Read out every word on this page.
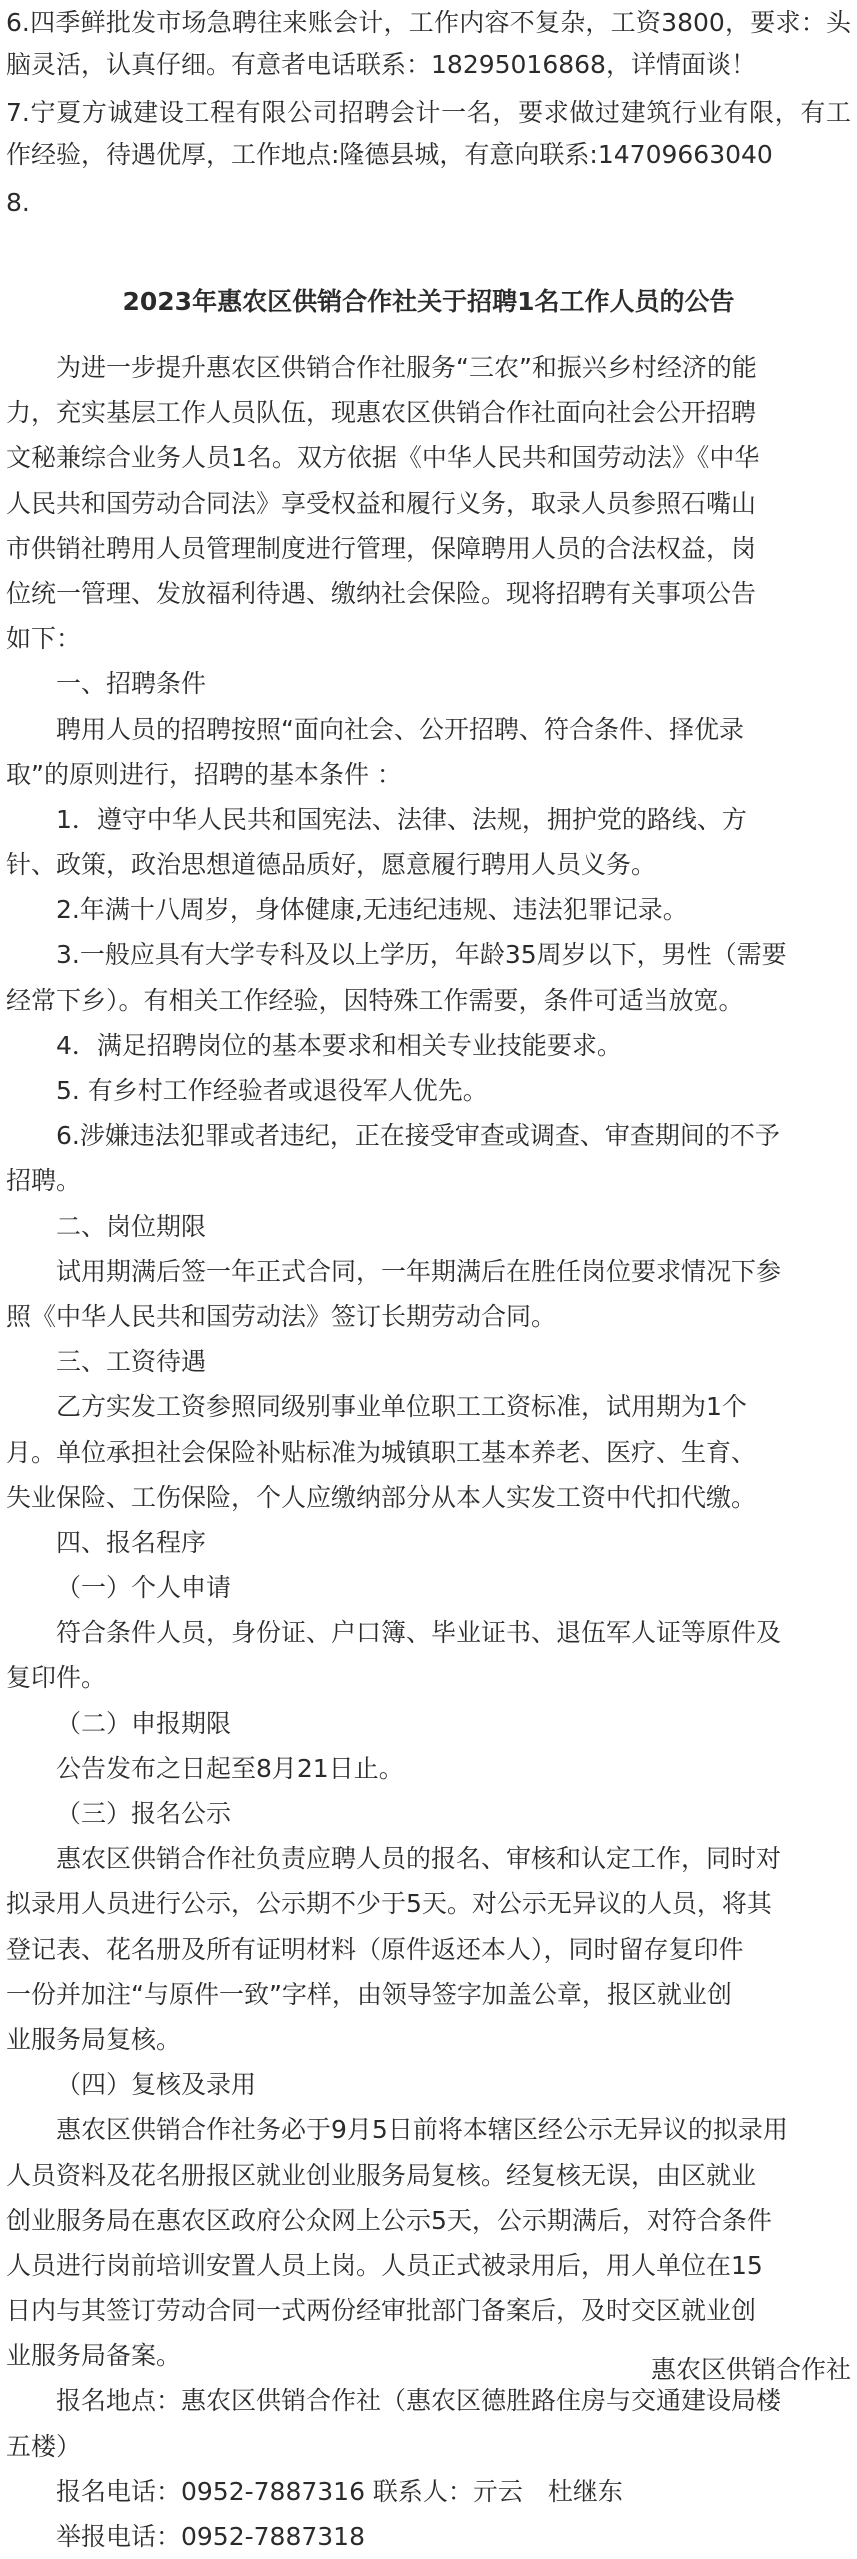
6.四季鲜批发市场急聘往来账会计，工作内容不复杂，工资3800，要求：头脑灵活，认真仔细。有意者电话联系：18295016868，详情面谈！

7.宁夏方诚建设工程有限公司招聘会计一名，要求做过建筑行业有限，有工作经验，待遇优厚，工作地点:隆德县城，有意向联系:14709663040

8.

2023年惠农区供销合作社关于招聘1名工作人员的公告
为进一步提升惠农区供销合作社服务“三农”和振兴乡村经济的能
力，充实基层工作人员队伍，现惠农区供销合作社面向社会公开招聘
文秘兼综合业务人员1名。双方依据《中华人民共和国劳动法》《中华
人民共和国劳动合同法》享受权益和履行义务，取录人员参照石嘴山
市供销社聘用人员管理制度进行管理，保障聘用人员的合法权益，岗
位统一管理、发放福利待遇、缴纳社会保险。现将招聘有关事项公告
如下：
一、招聘条件
聘用人员的招聘按照“面向社会、公开招聘、符合条件、择优录
取”的原则进行，招聘的基本条件 ：
1．遵守中华人民共和国宪法、法律、法规，拥护党的路线、方
针、政策，政治思想道德品质好，愿意履行聘用人员义务。
2.年满十八周岁，身体健康,无违纪违规、违法犯罪记录。
3.一般应具有大学专科及以上学历，年龄35周岁以下，男性（需要
经常下乡）。有相关工作经验，因特殊工作需要，条件可适当放宽。
4．满足招聘岗位的基本要求和相关专业技能要求。
5. 有乡村工作经验者或退役军人优先。
6.涉嫌违法犯罪或者违纪，正在接受审查或调查、审查期间的不予
招聘。
二、岗位期限
试用期满后签一年正式合同，一年期满后在胜任岗位要求情况下参
照《中华人民共和国劳动法》签订长期劳动合同。
三、工资待遇
乙方实发工资参照同级别事业单位职工工资标准，试用期为1个
月。单位承担社会保险补贴标准为城镇职工基本养老、医疗、生育、
失业保险、工伤保险，个人应缴纳部分从本人实发工资中代扣代缴。
四、报名程序
（一）个人申请
符合条件人员，身份证、户口簿、毕业证书、退伍军人证等原件及
复印件。
（二）申报期限
公告发布之日起至8月21日止。
（三）报名公示
惠农区供销合作社负责应聘人员的报名、审核和认定工作，同时对
拟录用人员进行公示，公示期不少于5天。对公示无异议的人员，将其
登记表、花名册及所有证明材料（原件返还本人），同时留存复印件
一份并加注“与原件一致”字样，由领导签字加盖公章，报区就业创
业服务局复核。
（四）复核及录用
惠农区供销合作社务必于9月5日前将本辖区经公示无异议的拟录用
人员资料及花名册报区就业创业服务局复核。经复核无误，由区就业
创业服务局在惠农区政府公众网上公示5天，公示期满后，对符合条件
人员进行岗前培训安置人员上岗。人员正式被录用后，用人单位在15
日内与其签订劳动合同一式两份经审批部门备案后，及时交区就业创
业服务局备案。
报名地点：惠农区供销合作社（惠农区德胜路住房与交通建设局楼
五楼）
报名电话：0952-7887316 联系人：亓云　杜继东
举报电话：0952-7887318

惠农区供销合作社
